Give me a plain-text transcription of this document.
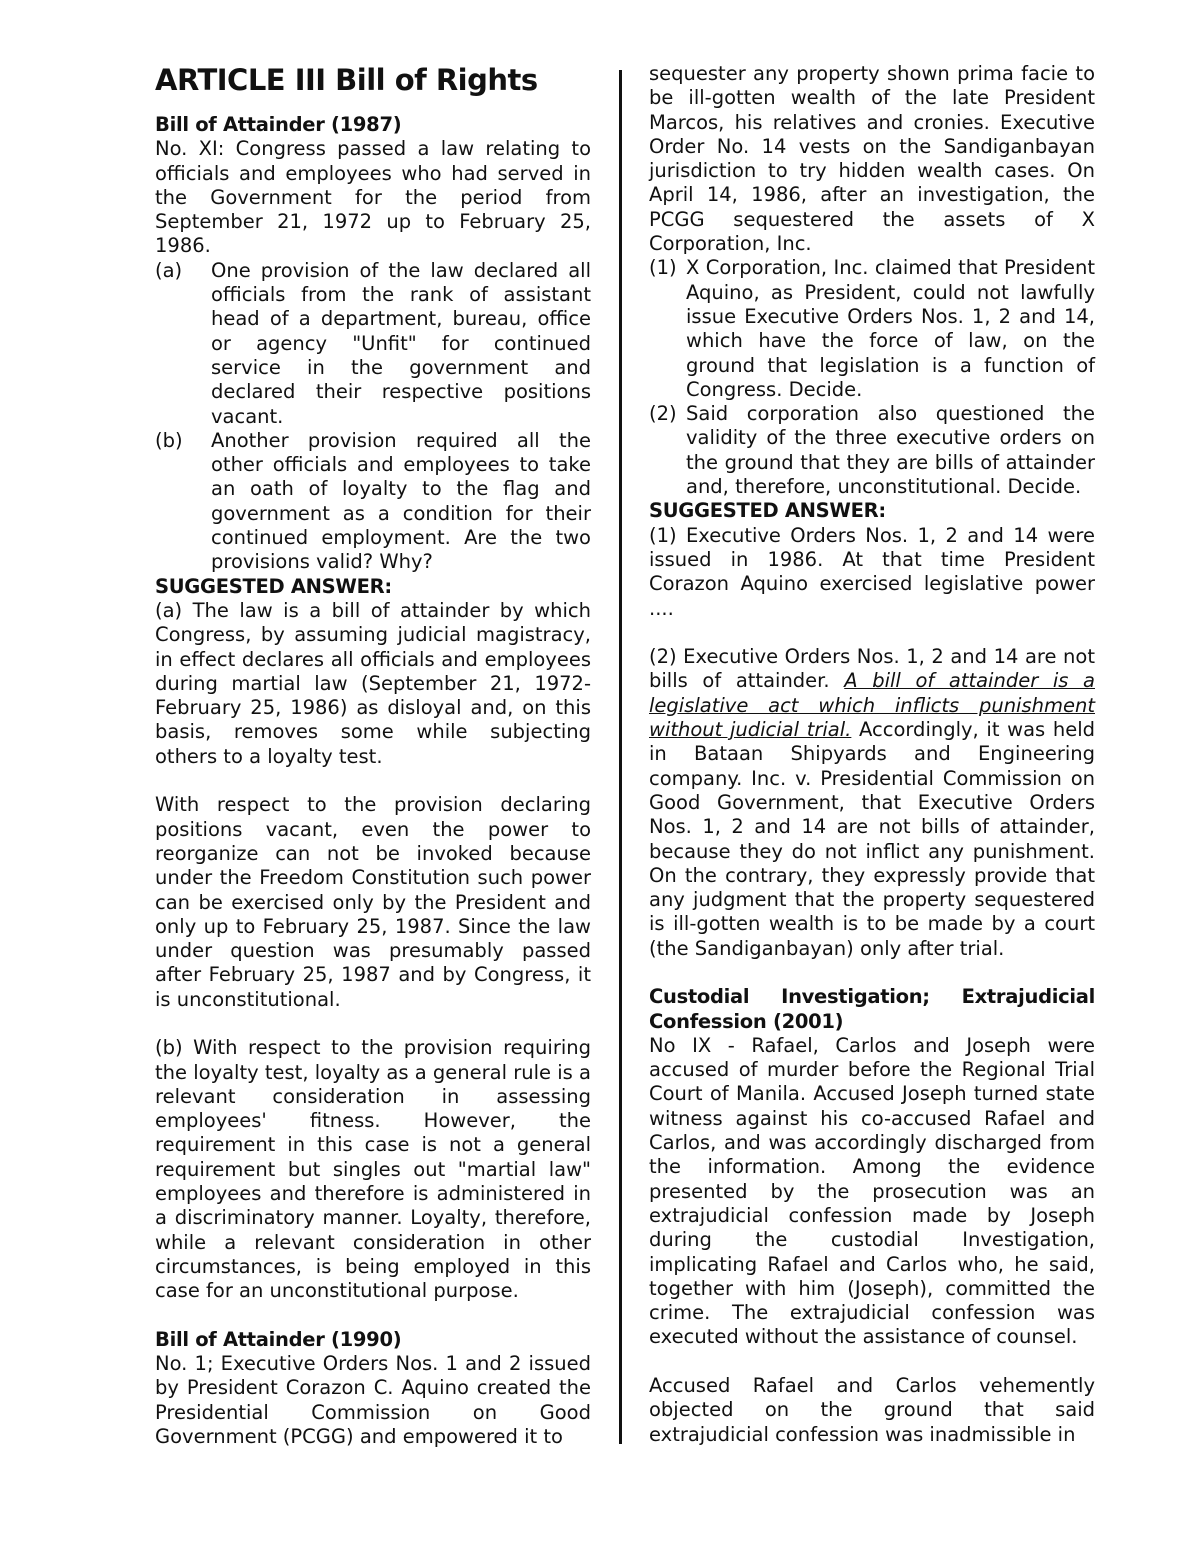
ARTICLE III Bill of Rights
Bill of Attainder (1987)

No. XI: Congress passed a law relating to officials and employees who had served in the Government for the period from September 21, 1972 up to February 25, 1986.

(a)	One provision of the law declared all officials from the rank of assistant head of a department, bureau, office or agency "Unfit" for continued service in the government and declared their respective positions vacant.
(b)	Another provision required all the other officials and employees to take an oath of loyalty to the flag and government as a condition for their continued employment. Are the two provisions valid? Why?
SUGGESTED ANSWER:

(a) The law is a bill of attainder by which Congress, by assuming judicial magistracy, in effect declares all officials and employees during martial law (September 21, 1972- February 25, 1986) as disloyal and, on this basis, removes some while subjecting others to a loyalty test.

With respect to the provision declaring positions vacant, even the power to reorganize can not be invoked because under the Freedom Constitution such power can be exercised only by the President and only up to February 25, 1987. Since the law under question was presumably passed after February 25, 1987 and by Congress, it is unconstitutional.

(b) With respect to the provision requiring the loyalty test, loyalty as a general rule is a relevant consideration in assessing employees' fitness. However, the requirement in this case is not a general requirement but singles out "martial law" employees and therefore is administered in a discriminatory manner. Loyalty, therefore, while a relevant consideration in other circumstances, is being employed in this case for an unconstitutional purpose.

Bill of Attainder (1990)

No. 1; Executive Orders Nos. 1 and 2 issued by President Corazon C. Aquino created the Presidential Commission on Good Government (PCGG) and empowered it to

sequester any property shown prima facie to be ill-gotten wealth of the late President Marcos, his relatives and cronies. Executive Order No. 14 vests on the Sandiganbayan jurisdiction to try hidden wealth cases. On April 14, 1986, after an investigation, the PCGG sequestered the assets of X Corporation, Inc.

(1) X Corporation, Inc. claimed that President Aquino, as President, could not lawfully issue Executive Orders Nos. 1, 2 and 14, which have the force of law, on the ground that legislation is a function of Congress. Decide.
(2) Said corporation also questioned the validity of the three executive orders on the ground that they are bills of attainder and, therefore, unconstitutional. Decide.
SUGGESTED ANSWER:

(1) Executive Orders Nos. 1, 2 and 14 were issued in 1986. At that time President Corazon Aquino exercised legislative power ....

(2) Executive Orders Nos. 1, 2 and 14 are not bills of attainder. A bill of attainder is a legislative act which inflicts punishment without judicial trial. Accordingly, it was held in Bataan Shipyards and Engineering company. Inc. v. Presidential Commission on Good Government, that Executive Orders Nos. 1, 2 and 14 are not bills of attainder, because they do not inflict any punishment. On the contrary, they expressly provide that any judgment that the property sequestered is ill-gotten wealth is to be made by a court (the Sandiganbayan) only after trial.

Custodial Investigation; Extrajudicial Confession (2001)

No IX - Rafael, Carlos and Joseph were accused of murder before the Regional Trial Court of Manila. Accused Joseph turned state witness against his co-accused Rafael and Carlos, and was accordingly discharged from the information. Among the evidence presented by the prosecution was an extrajudicial confession made by Joseph during the custodial Investigation, implicating Rafael and Carlos who, he said, together with him (Joseph), committed the crime. The extrajudicial confession was executed without the assistance of counsel.

Accused Rafael and Carlos vehemently objected on the ground that said extrajudicial confession was inadmissible in
